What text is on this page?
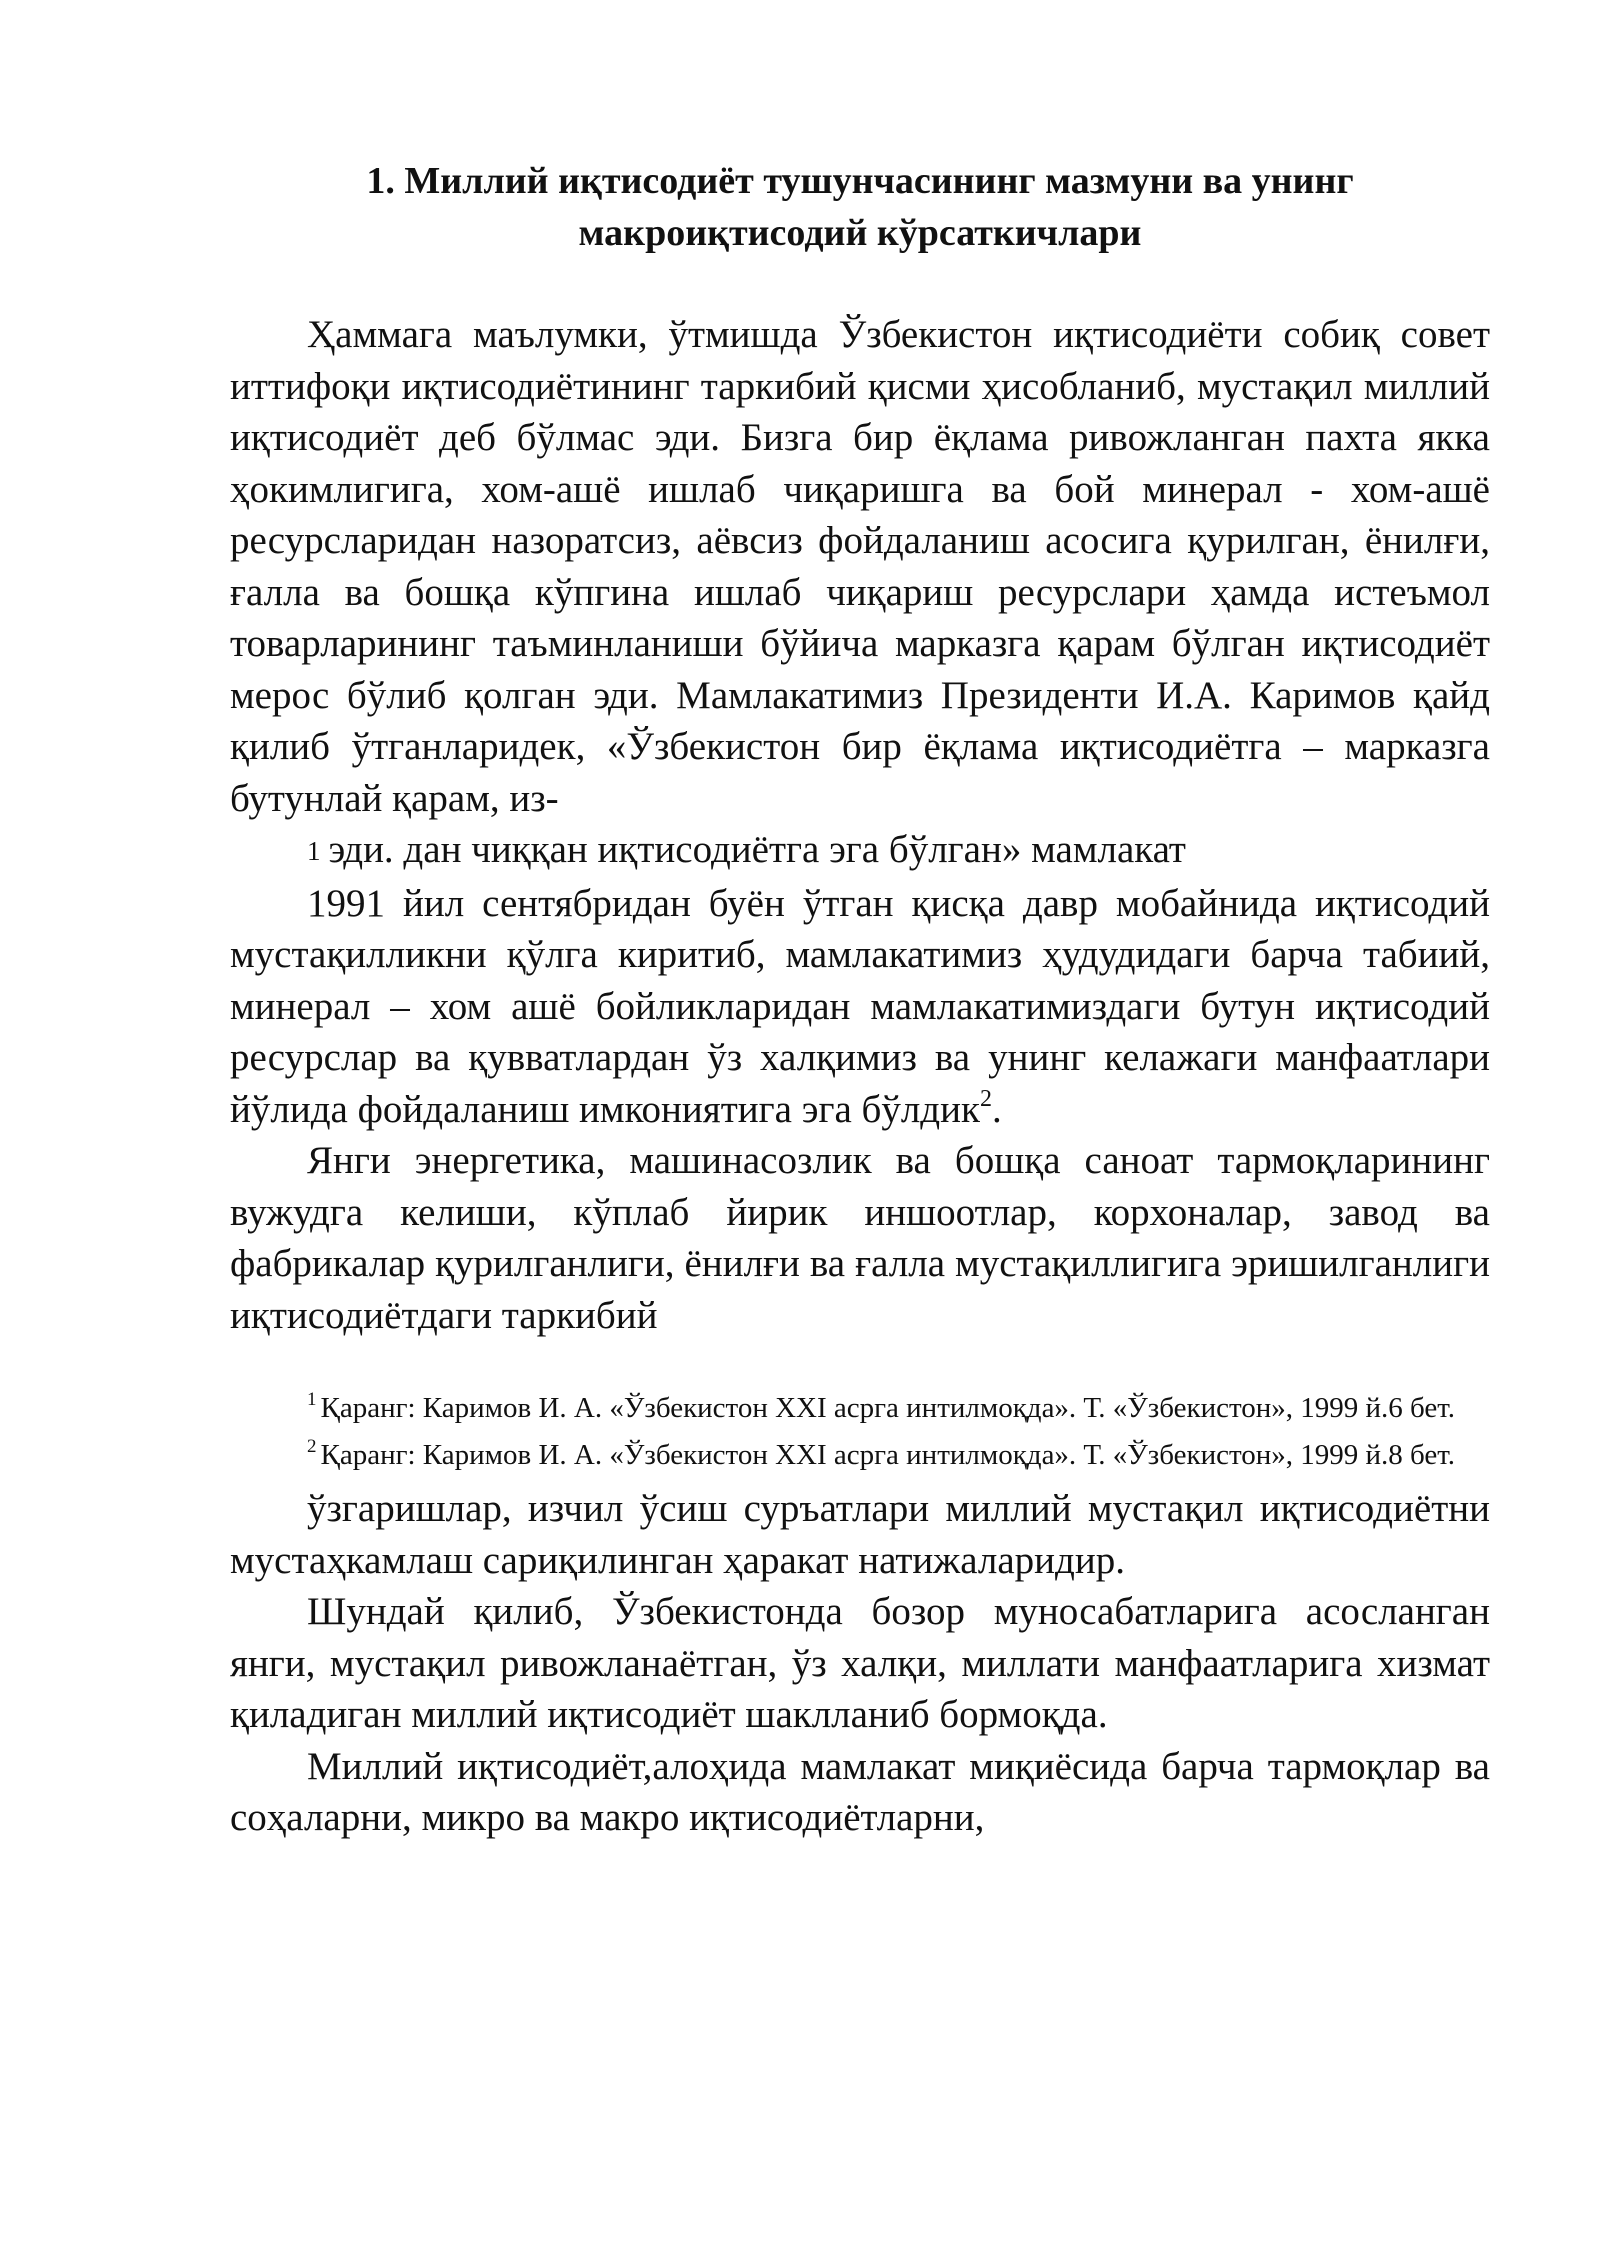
1. Миллий иқтисодиёт тушунчасининг мазмуни ва унинг
макроиқтисодий кўрсаткичлари

Ҳаммага маълумки, ўтмишда Ўзбекистон иқтисодиёти собиқ совет иттифоқи иқтисодиётининг таркибий қисми ҳисобланиб, мустақил миллий иқтисодиёт деб бўлмас эди. Бизга бир ёқлама ривожланган пахта якка ҳокимлигига, хом-ашё ишлаб чиқаришга ва бой минерал - хом-ашё ресурсларидан назоратсиз, аёвсиз фойдаланиш асосига қурилган, ёнилғи, ғалла ва бошқа кўпгина ишлаб чиқариш ресурслари ҳамда истеъмол товарларининг таъминланиши бўйича марказга қарам бўлган иқтисодиёт мерос бўлиб қолган эди. Мамлакатимиз Президенти И.А. Каримов қайд қилиб ўтганларидек, «Ўзбекистон бир ёқлама иқтисодиётга – марказга бутунлай қарам, из-

1 эди. дан чиққан иқтисодиётга эга бўлган» мамлакат

1991 йил сентябридан буён ўтган қисқа давр мобайнида иқтисодий мустақилликни қўлга киритиб, мамлакатимиз ҳудудидаги барча табиий, минерал – хом ашё бойликларидан мамлакатимиздаги бутун иқтисодий ресурслар ва қувватлардан ўз халқимиз ва унинг келажаги манфаатлари йўлида фойдаланиш имкониятига эга бўлдик$^2$.

Янги энергетика, машинасозлик ва бошқа саноат тармоқларининг вужудга келиши, кўплаб йирик иншоотлар, корхоналар, завод ва фабрикалар қурилганлиги, ёнилғи ва ғалла мустақиллигига эришилганлиги иқтисодиётдаги таркибий

$^1$ Қаранг: Каримов И. А. «Ўзбекистон XXI асрга интилмоқда». Т. «Ўзбекистон», 1999 й.6 бет.

$^2$ Қаранг: Каримов И. А. «Ўзбекистон XXI асрга интилмоқда». Т. «Ўзбекистон», 1999 й.8 бет.

ўзгаришлар, изчил ўсиш суръатлари миллий мустақил иқтисодиётни мустаҳкамлаш сариқилинган ҳаракат натижаларидир.

Шундай қилиб, Ўзбекистонда бозор муносабатларига асосланган янги, мустақил ривожланаётган, ўз халқи, миллати манфаатларига хизмат қиладиган миллий иқтисодиёт шаклланиб бормоқда.

Миллий иқтисодиёт,алоҳида мамлакат миқиёсида барча тармоқлар ва соҳаларни, микро ва макро иқтисодиётларни,
